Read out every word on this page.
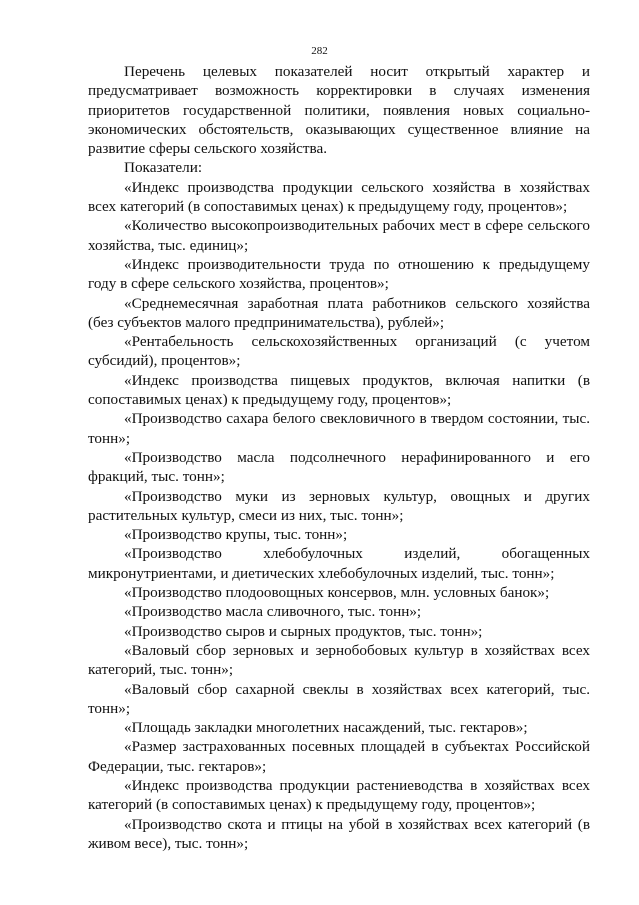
282

Перечень целевых показателей носит открытый характер и предусматривает возможность корректировки в случаях изменения приоритетов государственной политики, появления новых социально-экономических обстоятельств, оказывающих существенное влияние на развитие сферы сельского хозяйства.

Показатели:

«Индекс производства продукции сельского хозяйства в хозяйствах всех категорий (в сопоставимых ценах) к предыдущему году, процентов»;

«Количество высокопроизводительных рабочих мест в сфере сельского хозяйства, тыс. единиц»;

«Индекс производительности труда по отношению к предыдущему году в сфере сельского хозяйства, процентов»;

«Среднемесячная заработная плата работников сельского хозяйства (без субъектов малого предпринимательства), рублей»;

«Рентабельность сельскохозяйственных организаций (с учетом субсидий), процентов»;

«Индекс производства пищевых продуктов, включая напитки (в сопоставимых ценах) к предыдущему году, процентов»;

«Производство сахара белого свекловичного в твердом состоянии, тыс. тонн»;

«Производство масла подсолнечного нерафинированного и его фракций, тыс. тонн»;

«Производство муки из зерновых культур, овощных и других растительных культур, смеси из них, тыс. тонн»;

«Производство крупы, тыс. тонн»;

«Производство хлебобулочных изделий, обогащенных микронутриентами, и диетических хлебобулочных изделий, тыс. тонн»;

«Производство плодоовощных консервов, млн. условных банок»;

«Производство масла сливочного, тыс. тонн»;

«Производство сыров и сырных продуктов, тыс. тонн»;

«Валовый сбор зерновых и зернобобовых культур в хозяйствах всех категорий, тыс. тонн»;

«Валовый сбор сахарной свеклы в хозяйствах всех категорий, тыс. тонн»;

«Площадь закладки многолетних насаждений, тыс. гектаров»;

«Размер застрахованных посевных площадей в субъектах Российской Федерации, тыс. гектаров»;

«Индекс производства продукции растениеводства в хозяйствах всех категорий (в сопоставимых ценах) к предыдущему году, процентов»;

«Производство скота и птицы на убой в хозяйствах всех категорий (в живом весе), тыс. тонн»;
